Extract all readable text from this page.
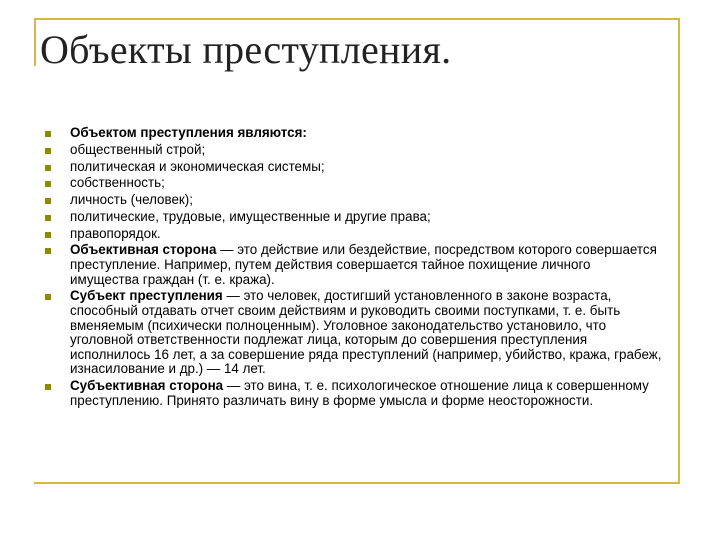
Объекты преступления.

Объектом преступления являются:

общественный строй;

политическая и экономическая системы;

собственность;

личность (человек);

политические, трудовые, имущественные и другие права;

правопорядок.

Объективная сторона — это действие или бездействие, посредством которого совершается преступление. Например, путем действия совершается тайное похищение личного имущества граждан (т. е. кража).

Субъект преступления — это человек, достигший установленного в законе возраста, способный отдавать отчет своим действиям и руководить своими поступками, т. е. быть вменяемым (психически полноценным). Уголовное законодательство установило, что уголовной ответственности подлежат лица, которым до совершения преступления исполнилось 16 лет, а за совершение ряда преступлений (например, убийство, кража, грабеж, изнасилование и др.) — 14 лет.

Субъективная сторона — это вина, т. е. психологическое отношение лица к совершенному преступлению. Принято различать вину в форме умысла и форме неосторожности.
